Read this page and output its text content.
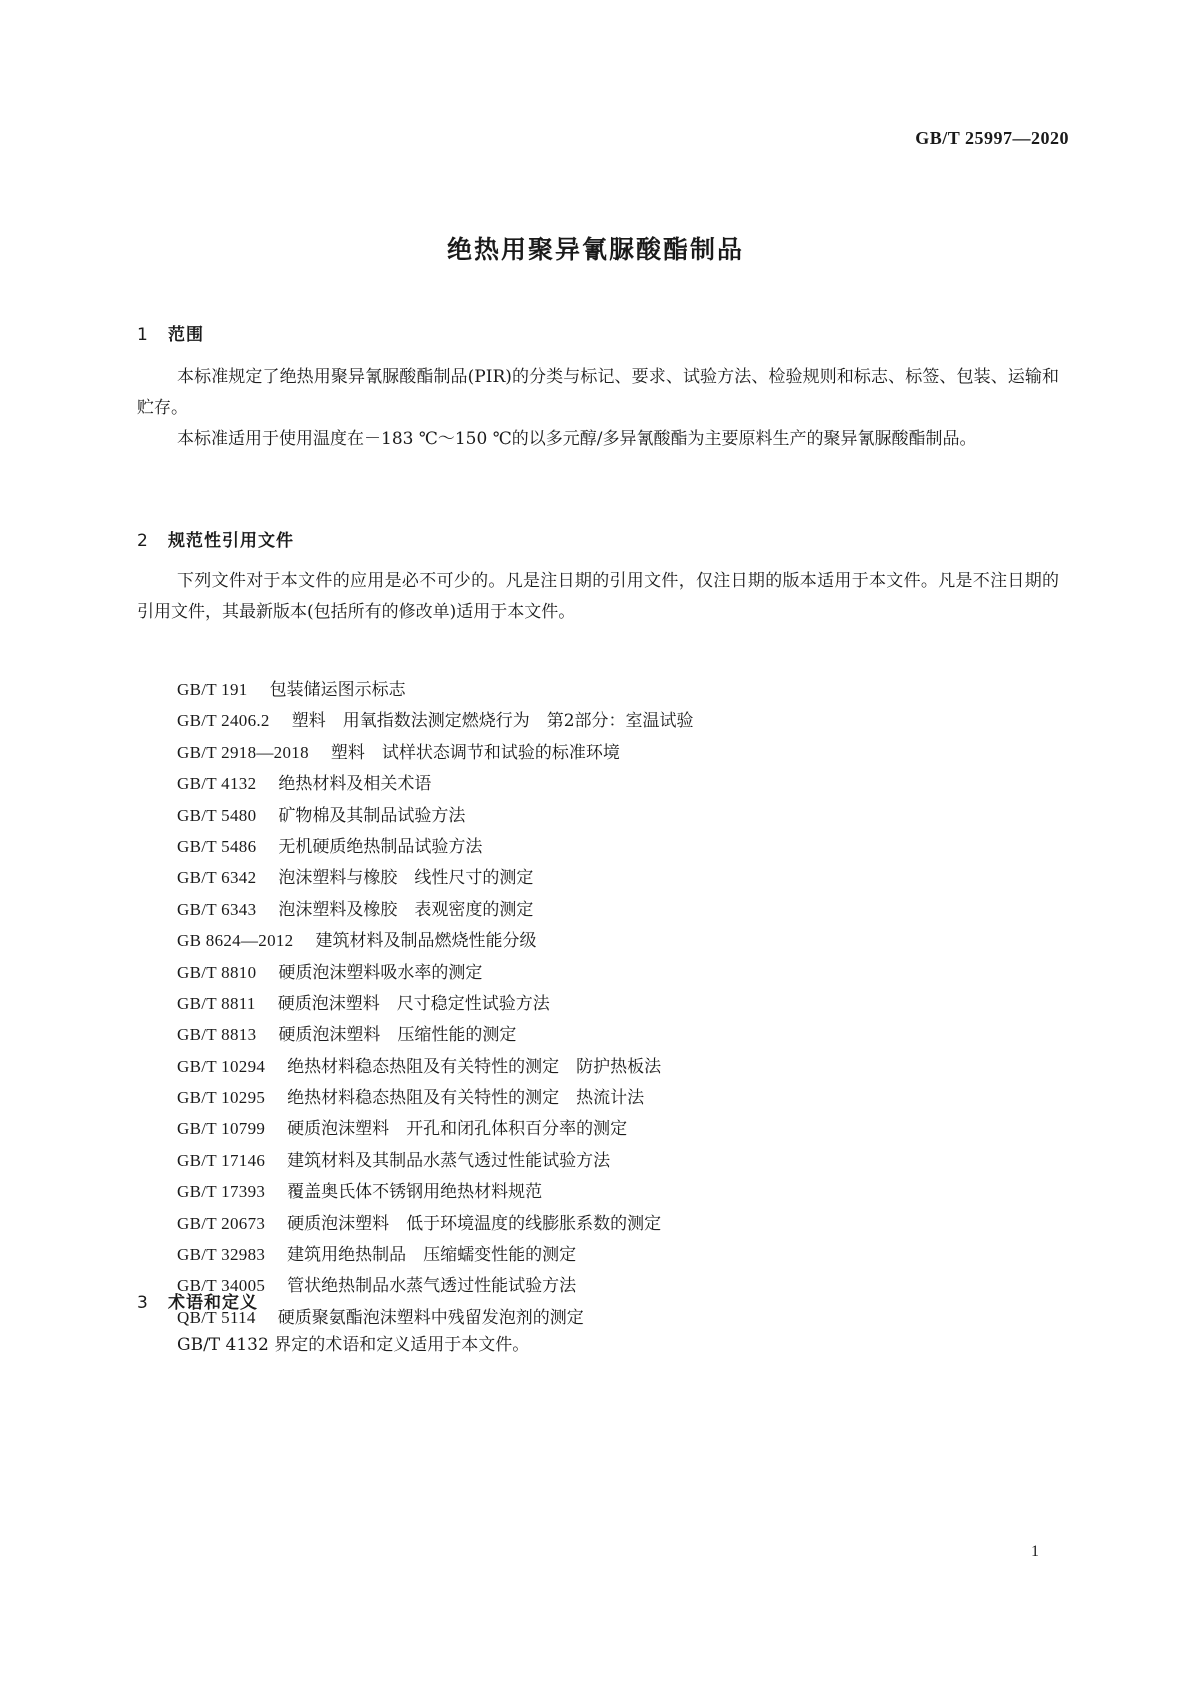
GB/T 25997—2020
绝热用聚异氰脲酸酯制品
1 范围

本标准规定了绝热用聚异氰脲酸酯制品(PIR)的分类与标记、要求、试验方法、检验规则和标志、标签、包装、运输和贮存。

本标准适用于使用温度在－183 ℃～150 ℃的以多元醇/多异氰酸酯为主要原料生产的聚异氰脲酸酯制品。

2 规范性引用文件

下列文件对于本文件的应用是必不可少的。凡是注日期的引用文件，仅注日期的版本适用于本文件。凡是不注日期的引用文件，其最新版本(包括所有的修改单)适用于本文件。

GB/T 191 包装储运图示标志
GB/T 2406.2 塑料　用氧指数法测定燃烧行为　第2部分：室温试验
GB/T 2918—2018 塑料　试样状态调节和试验的标准环境
GB/T 4132 绝热材料及相关术语
GB/T 5480 矿物棉及其制品试验方法
GB/T 5486 无机硬质绝热制品试验方法
GB/T 6342 泡沫塑料与橡胶　线性尺寸的测定
GB/T 6343 泡沫塑料及橡胶　表观密度的测定
GB 8624—2012 建筑材料及制品燃烧性能分级
GB/T 8810 硬质泡沫塑料吸水率的测定
GB/T 8811 硬质泡沫塑料　尺寸稳定性试验方法
GB/T 8813 硬质泡沫塑料　压缩性能的测定
GB/T 10294 绝热材料稳态热阻及有关特性的测定　防护热板法
GB/T 10295 绝热材料稳态热阻及有关特性的测定　热流计法
GB/T 10799 硬质泡沫塑料　开孔和闭孔体积百分率的测定
GB/T 17146 建筑材料及其制品水蒸气透过性能试验方法
GB/T 17393 覆盖奥氏体不锈钢用绝热材料规范
GB/T 20673 硬质泡沫塑料　低于环境温度的线膨胀系数的测定
GB/T 32983 建筑用绝热制品　压缩蠕变性能的测定
GB/T 34005 管状绝热制品水蒸气透过性能试验方法
QB/T 5114 硬质聚氨酯泡沫塑料中残留发泡剂的测定
3 术语和定义

GB/T 4132 界定的术语和定义适用于本文件。

1
